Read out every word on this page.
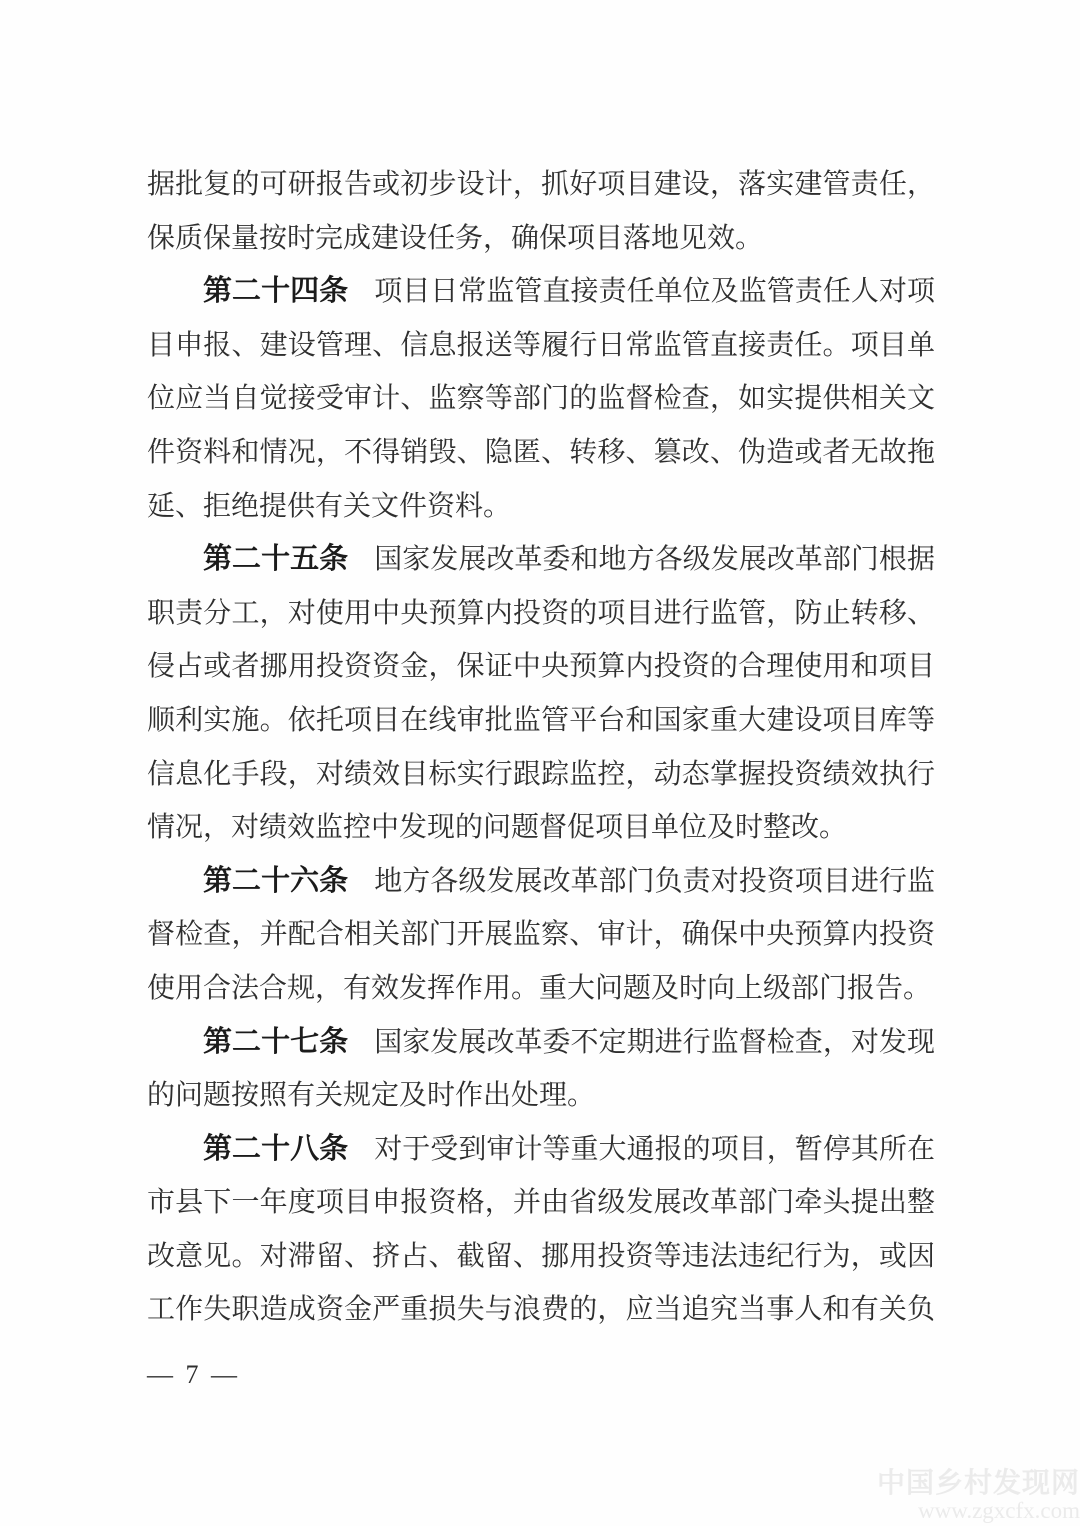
据批复的可研报告或初步设计，抓好项目建设，落实建管责任，
保质保量按时完成建设任务，确保项目落地见效。
第二十四条 项目日常监管直接责任单位及监管责任人对项
目申报、建设管理、信息报送等履行日常监管直接责任。项目单
位应当自觉接受审计、监察等部门的监督检查，如实提供相关文
件资料和情况，不得销毁、隐匿、转移、篡改、伪造或者无故拖
延、拒绝提供有关文件资料。
第二十五条 国家发展改革委和地方各级发展改革部门根据
职责分工，对使用中央预算内投资的项目进行监管，防止转移、
侵占或者挪用投资资金，保证中央预算内投资的合理使用和项目
顺利实施。依托项目在线审批监管平台和国家重大建设项目库等
信息化手段，对绩效目标实行跟踪监控，动态掌握投资绩效执行
情况，对绩效监控中发现的问题督促项目单位及时整改。
第二十六条 地方各级发展改革部门负责对投资项目进行监
督检查，并配合相关部门开展监察、审计，确保中央预算内投资
使用合法合规，有效发挥作用。重大问题及时向上级部门报告。
第二十七条 国家发展改革委不定期进行监督检查，对发现
的问题按照有关规定及时作出处理。
第二十八条 对于受到审计等重大通报的项目，暂停其所在
市县下一年度项目申报资格，并由省级发展改革部门牵头提出整
改意见。对滞留、挤占、截留、挪用投资等违法违纪行为，或因
工作失职造成资金严重损失与浪费的，应当追究当事人和有关负
— 7 —
中国乡村发现网
www.zgxcfx.com
